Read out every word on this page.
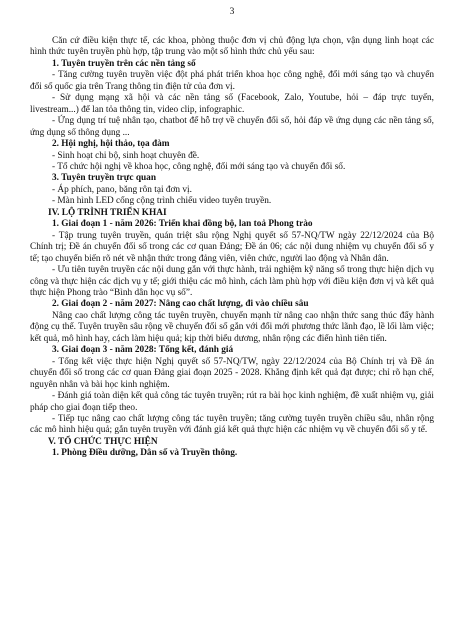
3

Căn cứ điều kiện thực tế, các khoa, phòng thuộc đơn vị chủ động lựa chọn, vận dụng linh hoạt các hình thức tuyên truyền phù hợp, tập trung vào một số hình thức chủ yếu sau:

1. Tuyên truyền trên các nền tảng số

- Tăng cường tuyên truyền việc đột phá phát triển khoa học công nghệ, đổi mới sáng tạo và chuyển đổi số quốc gia trên Trang thông tin điện tử của đơn vị.

- Sử dụng mạng xã hội và các nền tảng số (Facebook, Zalo, Youtube, hỏi – đáp trực tuyến, livestream...) để lan tỏa thông tin, video clip, infographic.

- Ứng dụng trí tuệ nhân tạo, chatbot để hỗ trợ về chuyển đổi số, hỏi đáp về ứng dụng các nền tảng số, ứng dụng số thông dụng ...

2. Hội nghị, hội thảo, tọa đàm

- Sinh hoạt chi bộ, sinh hoạt chuyên đề.

- Tổ chức hội nghị về khoa học, công nghệ, đổi mới sáng tạo và chuyển đổi số.

3. Tuyên truyền trực quan

- Áp phích, pano, băng rôn tại đơn vị.

- Màn hình LED cổng cộng trình chiếu video tuyên truyền.

IV. LỘ TRÌNH TRIỂN KHAI

1. Giai đoạn 1 - năm 2026: Triển khai đồng bộ, lan toả Phong trào

- Tập trung tuyên truyền, quán triệt sâu rộng Nghị quyết số 57-NQ/TW ngày 22/12/2024 của Bộ Chính trị; Đề án chuyển đổi số trong các cơ quan Đảng; Đề án 06; các nội dung nhiệm vụ chuyển đổi số y tế; tạo chuyển biến rõ nét về nhận thức trong đảng viên, viên chức, người lao động và Nhân dân.

- Ưu tiên tuyên truyền các nội dung gắn với thực hành, trải nghiệm kỹ năng số trong thực hiện dịch vụ công và thực hiện các dịch vụ y tế; giới thiệu các mô hình, cách làm phù hợp với điều kiện đơn vị và kết quả thực hiện Phong trào “Bình dân học vụ số”.

2. Giai đoạn 2 - năm 2027: Nâng cao chất lượng, đi vào chiều sâu

Nâng cao chất lượng công tác tuyên truyền, chuyển mạnh từ nâng cao nhận thức sang thúc đẩy hành động cụ thể. Tuyên truyền sâu rộng về chuyển đổi số gắn với đổi mới phương thức lãnh đạo, lề lối làm việc; kết quả, mô hình hay, cách làm hiệu quả; kịp thời biểu dương, nhân rộng các điển hình tiên tiến.

3. Giai đoạn 3 - năm 2028: Tổng kết, đánh giá

- Tổng kết việc thực hiện Nghị quyết số 57-NQ/TW, ngày 22/12/2024 của Bộ Chính trị và Đề án chuyển đổi số trong các cơ quan Đảng giai đoạn 2025 - 2028. Khẳng định kết quả đạt được; chỉ rõ hạn chế, nguyên nhân và bài học kinh nghiệm.

- Đánh giá toàn diện kết quả công tác tuyên truyền; rút ra bài học kinh nghiệm, đề xuất nhiệm vụ, giải pháp cho giai đoạn tiếp theo.

- Tiếp tục nâng cao chất lượng công tác tuyên truyền; tăng cường tuyên truyền chiều sâu, nhân rộng các mô hình hiệu quả; gắn tuyên truyền với đánh giá kết quả thực hiện các nhiệm vụ về chuyển đổi số y tế.

V. TỔ CHỨC THỰC HIỆN

1. Phòng Điều dưỡng, Dân số và Truyền thông.
